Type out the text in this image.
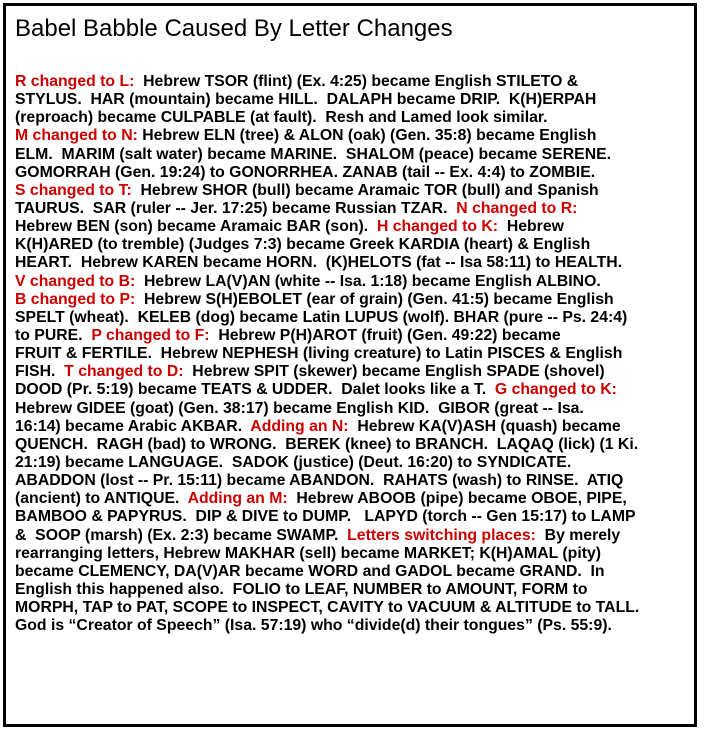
Babel Babble Caused By Letter Changes
R changed to L:  Hebrew TSOR (flint) (Ex. 4:25) became English STILETO &
STYLUS.  HAR (mountain) became HILL.  DALAPH became DRIP.  K(H)ERPAH
(reproach) became CULPABLE (at fault).  Resh and Lamed look similar.
M changed to N: Hebrew ELN (tree) & ALON (oak) (Gen. 35:8) became English
ELM.  MARIM (salt water) became MARINE.  SHALOM (peace) became SERENE.
GOMORRAH (Gen. 19:24) to GONORRHEA. ZANAB (tail -- Ex. 4:4) to ZOMBIE.
S changed to T:  Hebrew SHOR (bull) became Aramaic TOR (bull) and Spanish
TAURUS.  SAR (ruler -- Jer. 17:25) became Russian TZAR.  N changed to R:
Hebrew BEN (son) became Aramaic BAR (son).  H changed to K:  Hebrew
K(H)ARED (to tremble) (Judges 7:3) became Greek KARDIA (heart) & English
HEART.  Hebrew KAREN became HORN.  (K)HELOTS (fat -- Isa 58:11) to HEALTH.
V changed to B:  Hebrew LA(V)AN (white -- Isa. 1:18) became English ALBINO.
B changed to P:  Hebrew S(H)EBOLET (ear of grain) (Gen. 41:5) became English
SPELT (wheat).  KELEB (dog) became Latin LUPUS (wolf). BHAR (pure -- Ps. 24:4)
to PURE.  P changed to F:  Hebrew P(H)AROT (fruit) (Gen. 49:22) became
FRUIT & FERTILE.  Hebrew NEPHESH (living creature) to Latin PISCES & English
FISH.  T changed to D:  Hebrew SPIT (skewer) became English SPADE (shovel)
DOOD (Pr. 5:19) became TEATS & UDDER.  Dalet looks like a T.  G changed to K:
Hebrew GIDEE (goat) (Gen. 38:17) became English KID.  GIBOR (great -- Isa.
16:14) became Arabic AKBAR.  Adding an N:  Hebrew KA(V)ASH (quash) became
QUENCH.  RAGH (bad) to WRONG.  BEREK (knee) to BRANCH.  LAQAQ (lick) (1 Ki.
21:19) became LANGUAGE.  SADOK (justice) (Deut. 16:20) to SYNDICATE.
ABADDON (lost -- Pr. 15:11) became ABANDON.  RAHATS (wash) to RINSE.  ATIQ
(ancient) to ANTIQUE.  Adding an M:  Hebrew ABOOB (pipe) became OBOE, PIPE,
BAMBOO & PAPYRUS.  DIP & DIVE to DUMP.   LAPYD (torch -- Gen 15:17) to LAMP
&  SOOP (marsh) (Ex. 2:3) became SWAMP.  Letters switching places:  By merely
rearranging letters, Hebrew MAKHAR (sell) became MARKET; K(H)AMAL (pity)
became CLEMENCY, DA(V)AR became WORD and GADOL became GRAND.  In
English this happened also.  FOLIO to LEAF, NUMBER to AMOUNT, FORM to
MORPH, TAP to PAT, SCOPE to INSPECT, CAVITY to VACUUM & ALTITUDE to TALL.
God is “Creator of Speech” (Isa. 57:19) who “divide(d) their tongues” (Ps. 55:9).
